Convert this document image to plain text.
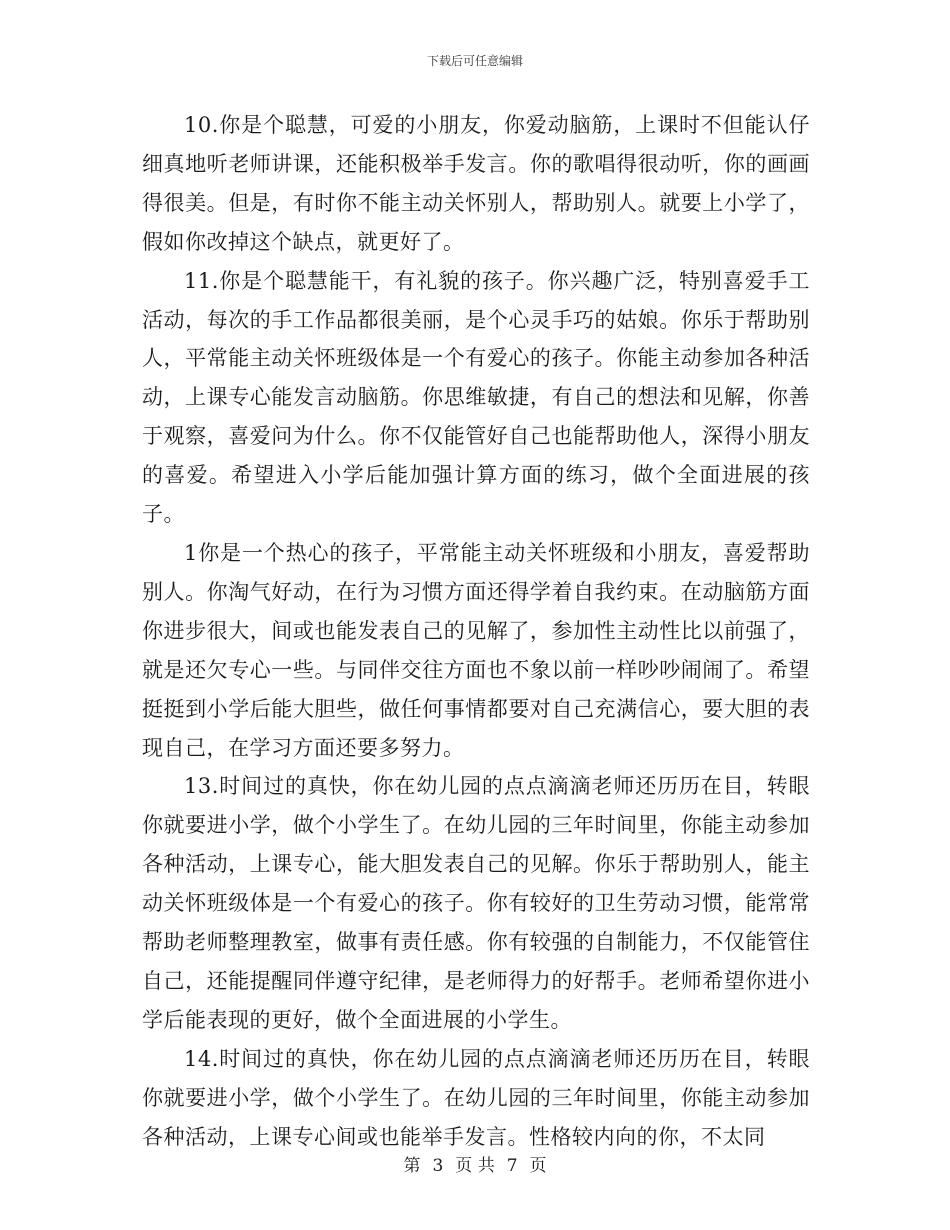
下载后可任意编辑

10.你是个聪慧，可爱的小朋友，你爱动脑筋，上课时不但能认仔细真地听老师讲课，还能积极举手发言。你的歌唱得很动听，你的画画得很美。但是，有时你不能主动关怀别人，帮助别人。就要上小学了，假如你改掉这个缺点，就更好了。

11.你是个聪慧能干，有礼貌的孩子。你兴趣广泛，特别喜爱手工活动，每次的手工作品都很美丽，是个心灵手巧的姑娘。你乐于帮助别人，平常能主动关怀班级体是一个有爱心的孩子。你能主动参加各种活动，上课专心能发言动脑筋。你思维敏捷，有自己的想法和见解，你善于观察，喜爱问为什么。你不仅能管好自己也能帮助他人，深得小朋友的喜爱。希望进入小学后能加强计算方面的练习，做个全面进展的孩子。

1你是一个热心的孩子，平常能主动关怀班级和小朋友，喜爱帮助别人。你淘气好动，在行为习惯方面还得学着自我约束。在动脑筋方面你进步很大，间或也能发表自己的见解了，参加性主动性比以前强了，就是还欠专心一些。与同伴交往方面也不象以前一样吵吵闹闹了。希望挺挺到小学后能大胆些，做任何事情都要对自己充满信心，要大胆的表现自己，在学习方面还要多努力。

13.时间过的真快，你在幼儿园的点点滴滴老师还历历在目，转眼你就要进小学，做个小学生了。在幼儿园的三年时间里，你能主动参加各种活动，上课专心，能大胆发表自己的见解。你乐于帮助别人，能主动关怀班级体是一个有爱心的孩子。你有较好的卫生劳动习惯，能常常帮助老师整理教室，做事有责任感。你有较强的自制能力，不仅能管住自己，还能提醒同伴遵守纪律，是老师得力的好帮手。老师希望你进小学后能表现的更好，做个全面进展的小学生。

14.时间过的真快，你在幼儿园的点点滴滴老师还历历在目，转眼你就要进小学，做个小学生了。在幼儿园的三年时间里，你能主动参加各种活动，上课专心间或也能举手发言。性格较内向的你，不太同

第 3 页 共 7 页
